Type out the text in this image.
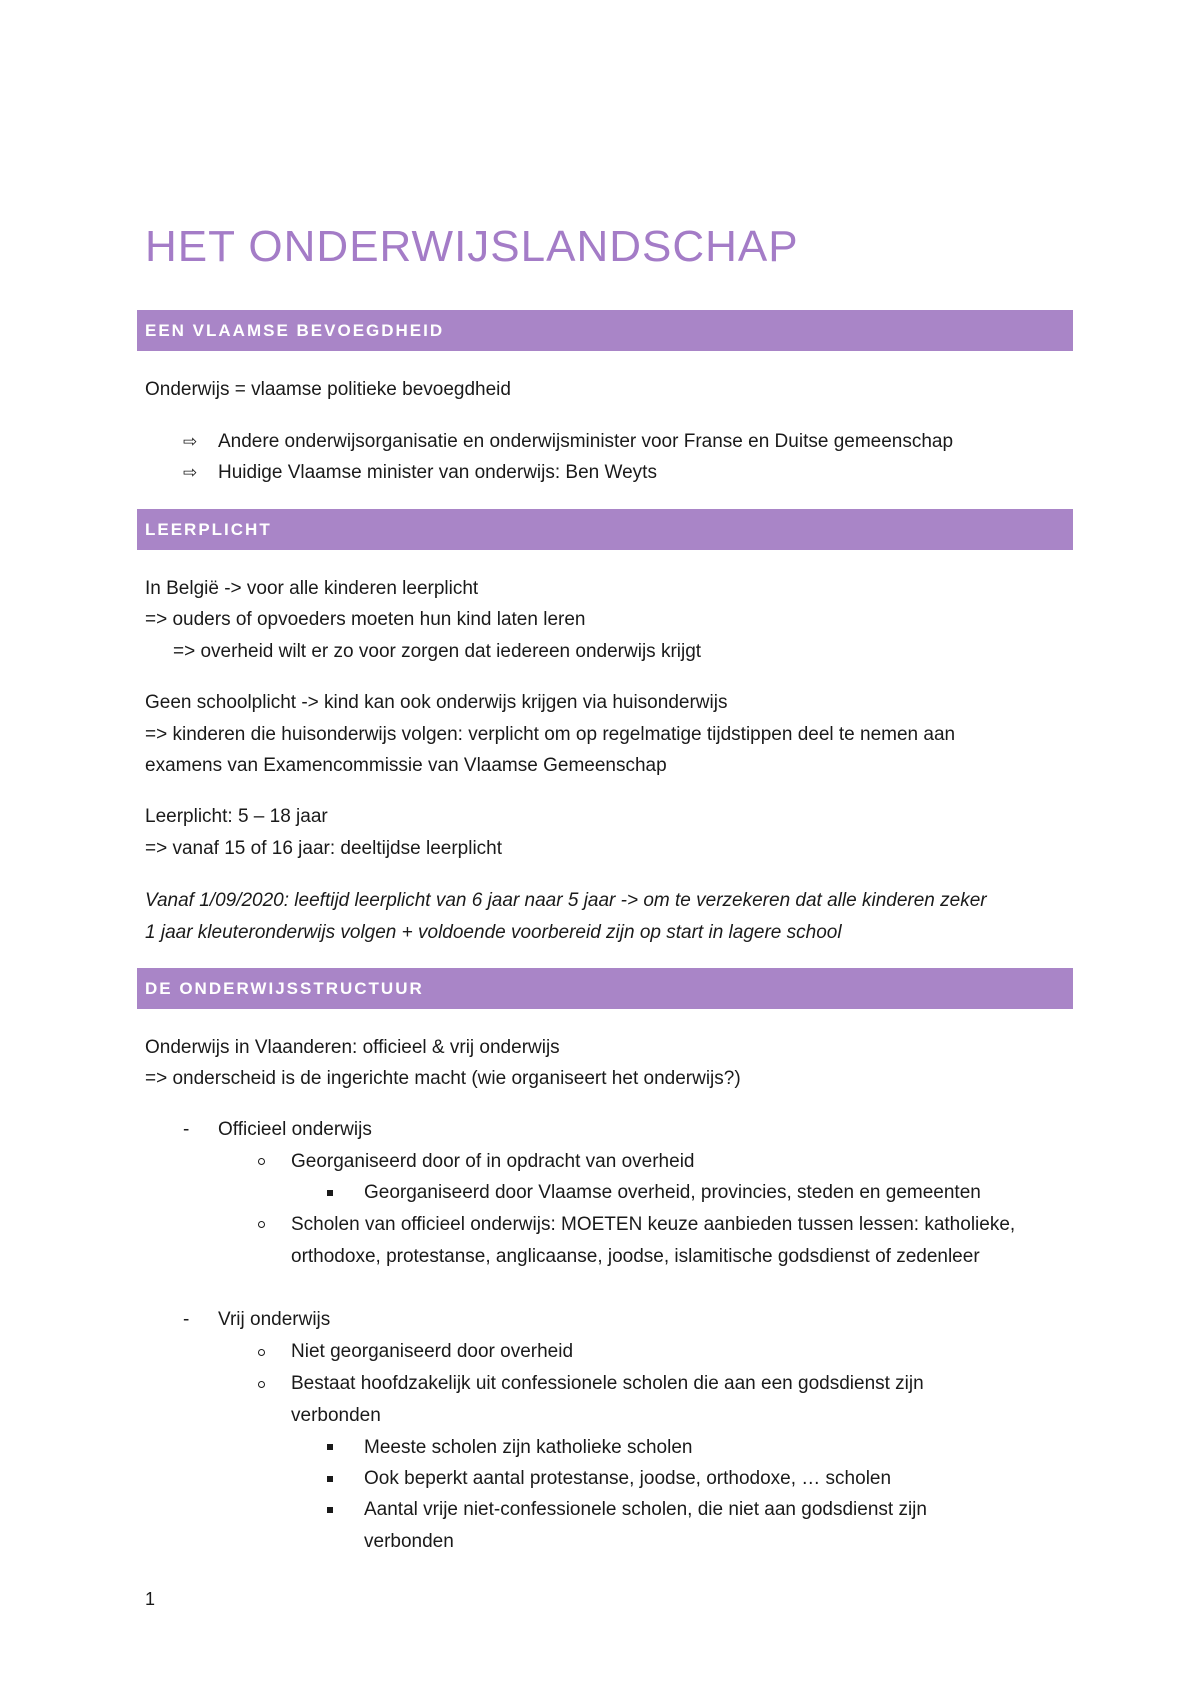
HET ONDERWIJSLANDSCHAP
EEN VLAAMSE BEVOEGDHEID
Onderwijs = vlaamse politieke bevoegdheid
⇨ Andere onderwijsorganisatie en onderwijsminister voor Franse en Duitse gemeenschap
⇨ Huidige Vlaamse minister van onderwijs: Ben Weyts
LEERPLICHT
In België -> voor alle kinderen leerplicht
=> ouders of opvoeders moeten hun kind laten leren
=> overheid wilt er zo voor zorgen dat iedereen onderwijs krijgt
Geen schoolplicht -> kind kan ook onderwijs krijgen via huisonderwijs
=> kinderen die huisonderwijs volgen: verplicht om op regelmatige tijdstippen deel te nemen aan
examens van Examencommissie van Vlaamse Gemeenschap
Leerplicht: 5 – 18 jaar
=> vanaf 15 of 16 jaar: deeltijdse leerplicht
Vanaf 1/09/2020: leeftijd leerplicht van 6 jaar naar 5 jaar -> om te verzekeren dat alle kinderen zeker
1 jaar kleuteronderwijs volgen + voldoende voorbereid zijn op start in lagere school
DE ONDERWIJSSTRUCTUUR
Onderwijs in Vlaanderen: officieel & vrij onderwijs
=> onderscheid is de ingerichte macht (wie organiseert het onderwijs?)
- Officieel onderwijs
Georganiseerd door of in opdracht van overheid
Georganiseerd door Vlaamse overheid, provincies, steden en gemeenten
Scholen van officieel onderwijs: MOETEN keuze aanbieden tussen lessen: katholieke,
orthodoxe, protestanse, anglicaanse, joodse, islamitische godsdienst of zedenleer
- Vrij onderwijs
Niet georganiseerd door overheid
Bestaat hoofdzakelijk uit confessionele scholen die aan een godsdienst zijn
verbonden
Meeste scholen zijn katholieke scholen
Ook beperkt aantal protestanse, joodse, orthodoxe, … scholen
Aantal vrije niet-confessionele scholen, die niet aan godsdienst zijn
verbonden
1
